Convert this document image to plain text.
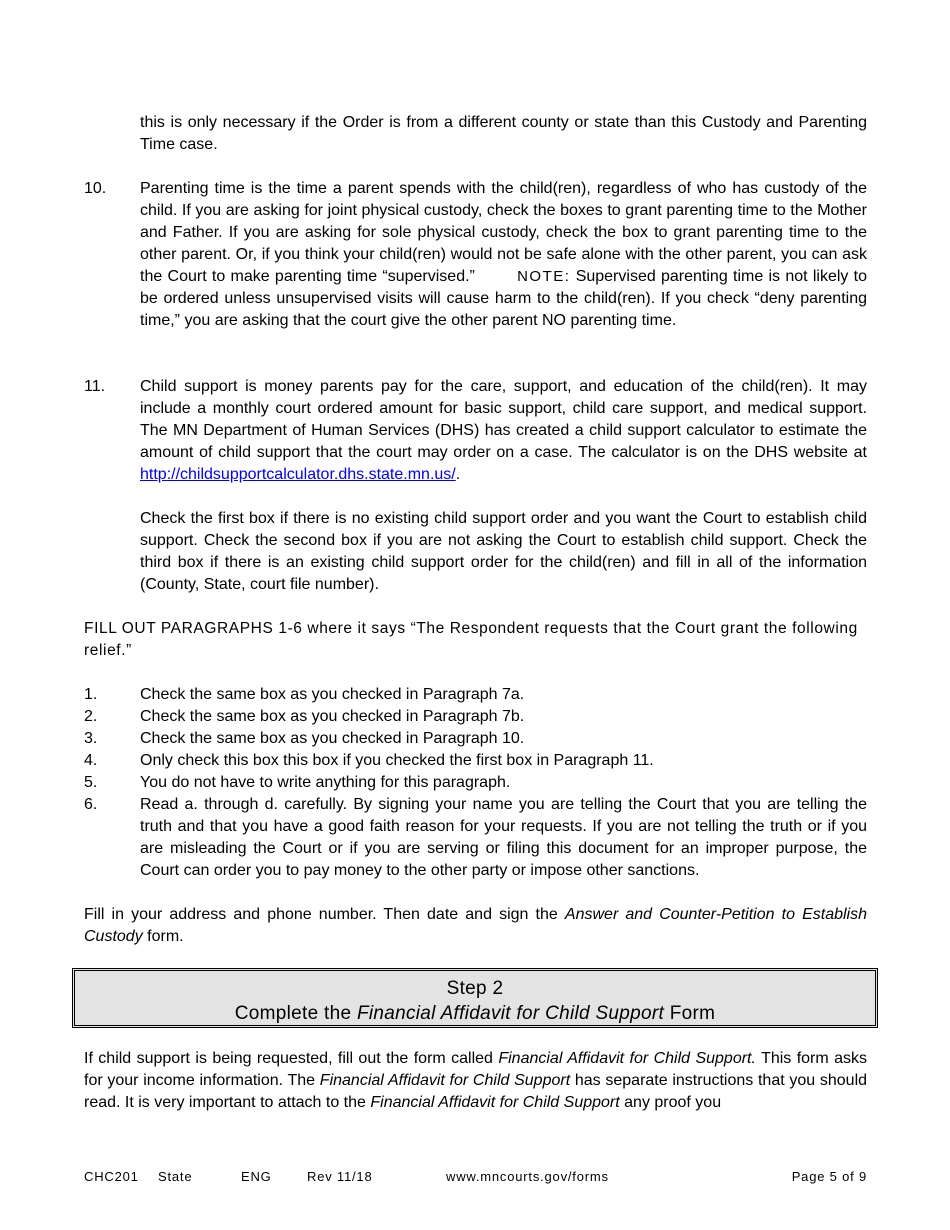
this is only necessary if the Order is from a different county or state than this Custody and Parenting Time case.
10.	Parenting time is the time a parent spends with the child(ren), regardless of who has custody of the child. If you are asking for joint physical custody, check the boxes to grant parenting time to the Mother and Father. If you are asking for sole physical custody, check the box to grant parenting time to the other parent. Or, if you think your child(ren) would not be safe alone with the other parent, you can ask the Court to make parenting time “supervised.”	NOTE: Supervised parenting time is not likely to be ordered unless unsupervised visits will cause harm to the child(ren). If you check “deny parenting time,” you are asking that the court give the other parent NO parenting time.
11.	Child support is money parents pay for the care, support, and education of the child(ren). It may include a monthly court ordered amount for basic support, child care support, and medical support. The MN Department of Human Services (DHS) has created a child support calculator to estimate the amount of child support that the court may order on a case. The calculator is on the DHS website at http://childsupportcalculator.dhs.state.mn.us/.
Check the first box if there is no existing child support order and you want the Court to establish child support. Check the second box if you are not asking the Court to establish child support. Check the third box if there is an existing child support order for the child(ren) and fill in all of the information (County, State, court file number).
FILL OUT PARAGRAPHS 1-6 where it says “The Respondent requests that the Court grant the following relief.”
1.	Check the same box as you checked in Paragraph 7a.
2.	Check the same box as you checked in Paragraph 7b.
3.	Check the same box as you checked in Paragraph 10.
4.	Only check this box this box if you checked the first box in Paragraph 11.
5.	You do not have to write anything for this paragraph.
6.	Read a. through d. carefully. By signing your name you are telling the Court that you are telling the truth and that you have a good faith reason for your requests. If you are not telling the truth or if you are misleading the Court or if you are serving or filing this document for an improper purpose, the Court can order you to pay money to the other party or impose other sanctions.
Fill in your address and phone number. Then date and sign the Answer and Counter-Petition to Establish Custody form.
Step 2
Complete the Financial Affidavit for Child Support Form
If child support is being requested, fill out the form called Financial Affidavit for Child Support. This form asks for your income information. The Financial Affidavit for Child Support has separate instructions that you should read. It is very important to attach to the Financial Affidavit for Child Support any proof you
CHC201 State	ENG	Rev 11/18	www.mncourts.gov/forms	Page 5 of 9
